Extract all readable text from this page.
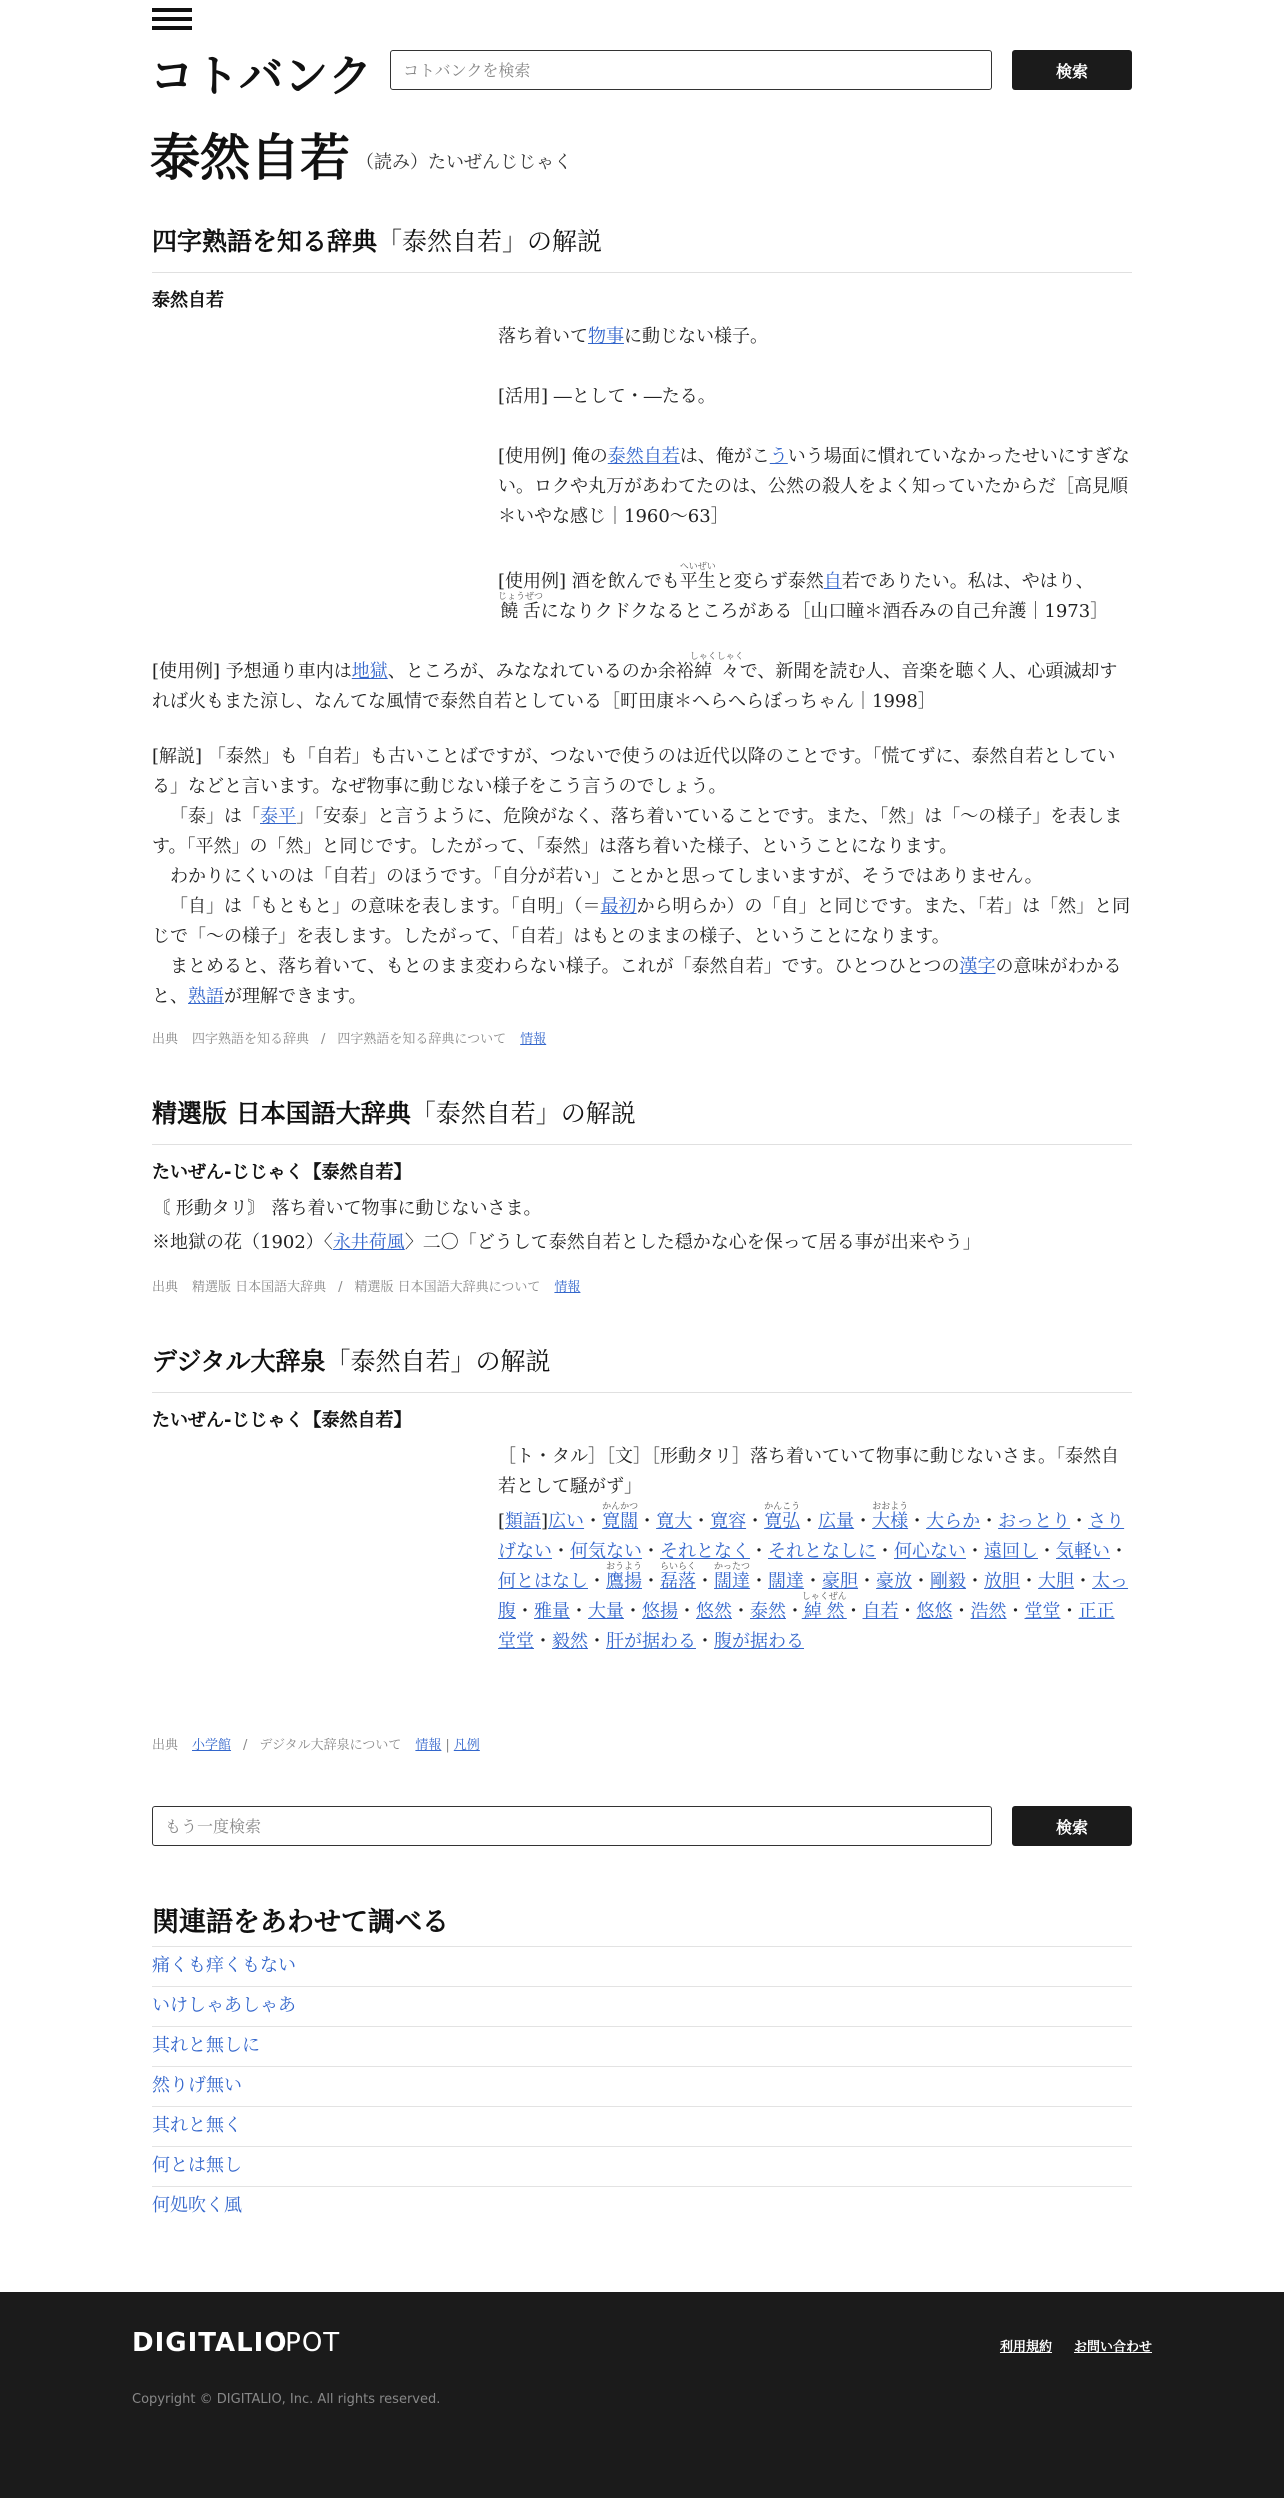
コトバンク
コトバンクを検索	検索
泰然自若 （読み）たいぜんじじゃく
四字熟語を知る辞典「泰然自若」の解説
泰然自若
落ち着いて物事に動じない様子。
[活用] ―として・―たる。
[使用例] 俺の泰然自若は、俺がこういう場面に慣れていなかったせいにすぎない。ロクや丸万があわてたのは、公然の殺人をよく知っていたからだ［高見順＊いやな感じ｜1960～63］
[使用例] 酒を飲んでも平生へいぜいと変らず泰然自若でありたい。私は、やはり、饒舌じょうぜつになりクドクなるところがある［山口瞳＊酒呑みの自己弁護｜1973］
[使用例] 予想通り車内は地獄、ところが、みななれているのか余裕綽々しゃくしゃくで、新聞を読む人、音楽を聴く人、心頭滅却すれば火もまた涼し、なんてな風情で泰然自若としている［町田康＊へらへらぼっちゃん｜1998］
[解説] 「泰然」も「自若」も古いことばですが、つないで使うのは近代以降のことです。「慌てずに、泰然自若としている」などと言います。なぜ物事に動じない様子をこう言うのでしょう。
「泰」は「泰平」「安泰」と言うように、危険がなく、落ち着いていることです。また、「然」は「～の様子」を表します。「平然」の「然」と同じです。したがって、「泰然」は落ち着いた様子、ということになります。
わかりにくいのは「自若」のほうです。「自分が若い」ことかと思ってしまいますが、そうではありません。
「自」は「もともと」の意味を表します。「自明」（＝最初から明らか）の「自」と同じです。また、「若」は「然」と同じで「～の様子」を表します。したがって、「自若」はもとのままの様子、ということになります。
まとめると、落ち着いて、もとのまま変わらない様子。これが「泰然自若」です。ひとつひとつの漢字の意味がわかると、熟語が理解できます。
出典 四字熟語を知る辞典 / 四字熟語を知る辞典について 情報
精選版 日本国語大辞典「泰然自若」の解説
たいぜん‐じじゃく【泰然自若】
〘 形動タリ〙 落ち着いて物事に動じないさま。
※地獄の花（1902）〈永井荷風〉二〇「どうして泰然自若とした穏かな心を保って居る事が出来やう」
出典 精選版 日本国語大辞典 / 精選版 日本国語大辞典について 情報
デジタル大辞泉「泰然自若」の解説
たいぜん‐じじゃく【泰然自若】
［ト・タル］［文］［形動タリ］落ち着いていて物事に動じないさま。「泰然自若として騒がず」
[類語]広い・寛闊かんかつ・寛大・寛容・寛弘かんこう・広量・大様おおよう・大らか・おっとり・さりげない・何気ない・それとなく・それとなしに・何心ない・遠回し・気軽い・何とはなし・鷹揚おうよう・磊落らいらく・闊達かったつ・闊達・豪胆・豪放・剛毅・放胆・大胆・太っ腹・雅量・大量・悠揚・悠然・泰然・綽然しゃくぜん・自若・悠悠・浩然・堂堂・正正堂堂・毅然・肝が据わる・腹が据わる
出典 小学館 / デジタル大辞泉について 情報 | 凡例
もう一度検索
検索
関連語をあわせて調べる
痛くも痒くもない
いけしゃあしゃあ
其れと無しに
然りげ無い
其れと無く
何とは無し
何処吹く風
DIGITALIO
CPOT	利用規約 お問い合わせ
Copyright © DIGITALIO, Inc. All rights reserved.
